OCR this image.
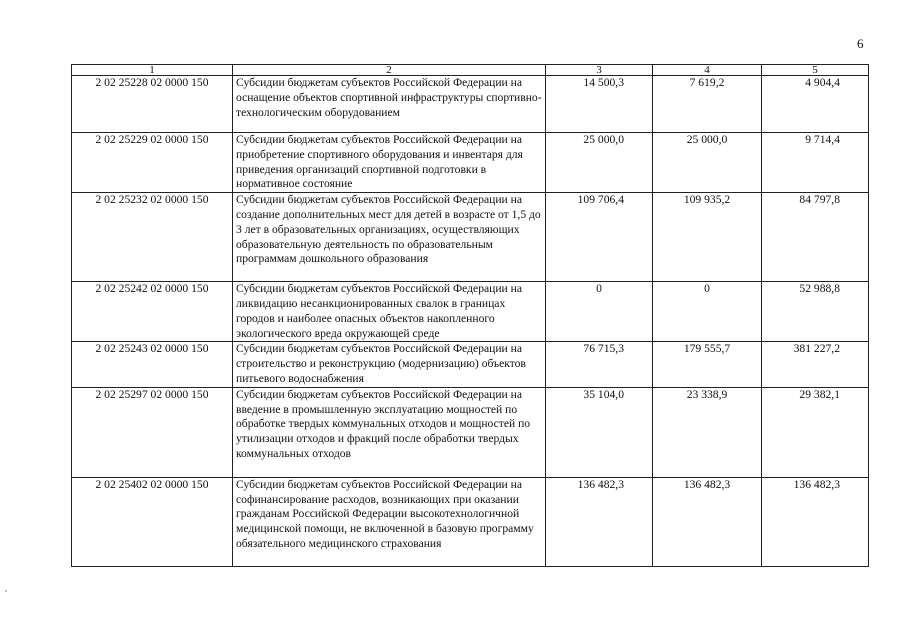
6
1	2	3	4	5
2 02 25228 02 0000 150	Субсидии бюджетам субъектов Российской Федерации на оснащение объектов спортивной инфраструктуры спортивно-технологическим оборудованием	14 500,3	7 619,2	4 904,4
2 02 25229 02 0000 150	Субсидии бюджетам субъектов Российской Федерации на приобретение спортивного оборудования и инвентаря для приведения организаций спортивной подготовки в нормативное состояние	25 000,0	25 000,0	9 714,4
2 02 25232 02 0000 150	Субсидии бюджетам субъектов Российской Федерации на создание дополнительных мест для детей в возрасте от 1,5 до 3 лет в образовательных организациях, осуществляющих образовательную деятельность по образовательным программам дошкольного образования	109 706,4	109 935,2	84 797,8
2 02 25242 02 0000 150	Субсидии бюджетам субъектов Российской Федерации на ликвидацию несанкционированных свалок в границах городов и наиболее опасных объектов накопленного экологического вреда окружающей среде	0	0	52 988,8
2 02 25243 02 0000 150	Субсидии бюджетам субъектов Российской Федерации на строительство и реконструкцию (модернизацию) объектов питьевого водоснабжения	76 715,3	179 555,7	381 227,2
2 02 25297 02 0000 150	Субсидии бюджетам субъектов Российской Федерации на введение в промышленную эксплуатацию мощностей по обработке твердых коммунальных отходов и мощностей по утилизации отходов и фракций после обработки твердых коммунальных отходов	35 104,0	23 338,9	29 382,1
2 02 25402 02 0000 150	Субсидии бюджетам субъектов Российской Федерации на софинансирование расходов, возникающих при оказании гражданам Российской Федерации высокотехнологичной медицинской помощи, не включенной в базовую программу обязательного медицинского страхования	136 482,3	136 482,3	136 482,3
